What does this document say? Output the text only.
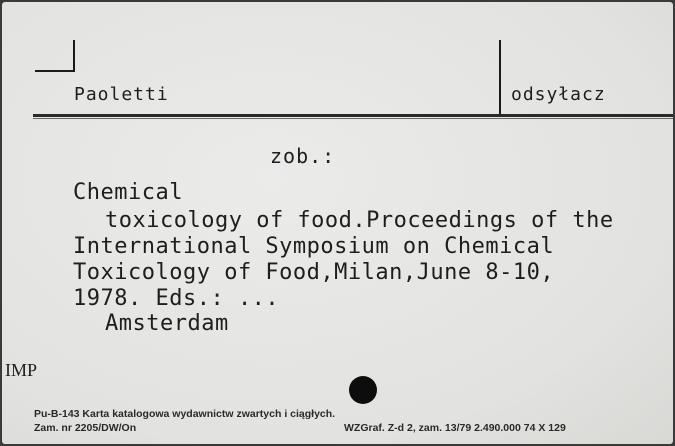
Paoletti	odsyłacz
zob.:
Chemical
toxicology of food.Proceedings of the
International Symposium on Chemical
Toxicology of Food,Milan,June 8-10,
1978. Eds.: ...
Amsterdam
IMP
Pu-B-143 Karta katalogowa wydawnictw zwartych i ciągłych.
Zam. nr 2205/DW/On	WZGraf. Z-d 2, zam. 13/79 2.490.000 74 X 129
